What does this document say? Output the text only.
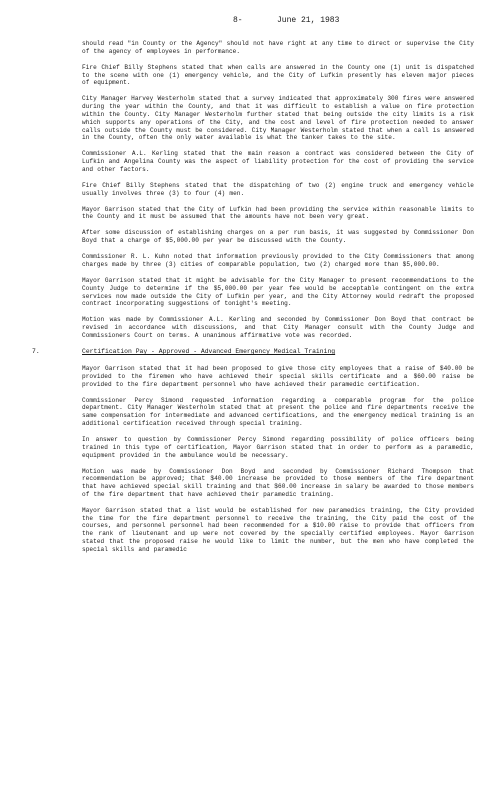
8-	June 21, 1983

should read "in County or the Agency" should not have right at any time to direct or supervise the City of the agency of employees in performance.

Fire Chief Billy Stephens stated that when calls are answered in the County one (1) unit is dispatched to the scene with one (1) emergency vehicle, and the City of Lufkin presently has eleven major pieces of equipment.

City Manager Harvey Westerholm stated that a survey indicated that approximately 300 fires were answered during the year within the County, and that it was difficult to establish a value on fire protection within the County. City Manager Westerholm further stated that being outside the city limits is a risk which supports any operations of the City, and the cost and level of fire protection needed to answer calls outside the County must be considered. City Manager Westerholm stated that when a call is answered in the County, often the only water available is what the tanker takes to the site.

Commissioner A.L. Kerling stated that the main reason a contract was considered between the City of Lufkin and Angelina County was the aspect of liability protection for the cost of providing the service and other factors.

Fire Chief Billy Stephens stated that the dispatching of two (2) engine truck and emergency vehicle usually involves three (3) to four (4) men.

Mayor Garrison stated that the City of Lufkin had been providing the service within reasonable limits to the County and it must be assumed that the amounts have not been very great.

After some discussion of establishing charges on a per run basis, it was suggested by Commissioner Don Boyd that a charge of $5,000.00 per year be discussed with the County.

Commissioner R. L. Kuhn noted that information previously provided to the City Commissioners that among charges made by three (3) cities of comparable population, two (2) charged more than $5,000.00.

Mayor Garrison stated that it might be advisable for the City Manager to present recommendations to the County Judge to determine if the $5,000.00 per year fee would be acceptable contingent on the extra services now made outside the City of Lufkin per year, and the City Attorney would redraft the proposed contract incorporating suggestions of tonight's meeting.

Motion was made by Commissioner A.L. Kerling and seconded by Commissioner Don Boyd that contract be revised in accordance with discussions, and that City Manager consult with the County Judge and Commissioners Court on terms. A unanimous affirmative vote was recorded.

7.	Certification Pay - Approved - Advanced Emergency Medical Training

Mayor Garrison stated that it had been proposed to give those city employees that a raise of $40.00 be provided to the firemen who have achieved their special skills certificate and a $60.00 raise be provided to the fire department personnel who have achieved their paramedic certification.

Commissioner Percy Simond requested information regarding a comparable program for the police department. City Manager Westerholm stated that at present the police and fire departments receive the same compensation for intermediate and advanced certifications, and the emergency medical training is an additional certification received through special training.

In answer to question by Commissioner Percy Simond regarding possibility of police officers being trained in this type of certification, Mayor Garrison stated that in order to perform as a paramedic, equipment provided in the ambulance would be necessary.

Motion was made by Commissioner Don Boyd and seconded by Commissioner Richard Thompson that recommendation be approved; that $40.00 increase be provided to those members of the fire department that have achieved special skill training and that $60.00 increase in salary be awarded to those members of the fire department that have achieved their paramedic training.

Mayor Garrison stated that a list would be established for new paramedics training, the City provided the time for the fire department personnel to receive the training, the City paid the cost of the courses, and personnel personnel had been recommended for a $10.00 raise to provide that officers from the rank of lieutenant and up were not covered by the specially certified employees. Mayor Garrison stated that the proposed raise he would like to limit the number, but the men who have completed the special skills and paramedic
